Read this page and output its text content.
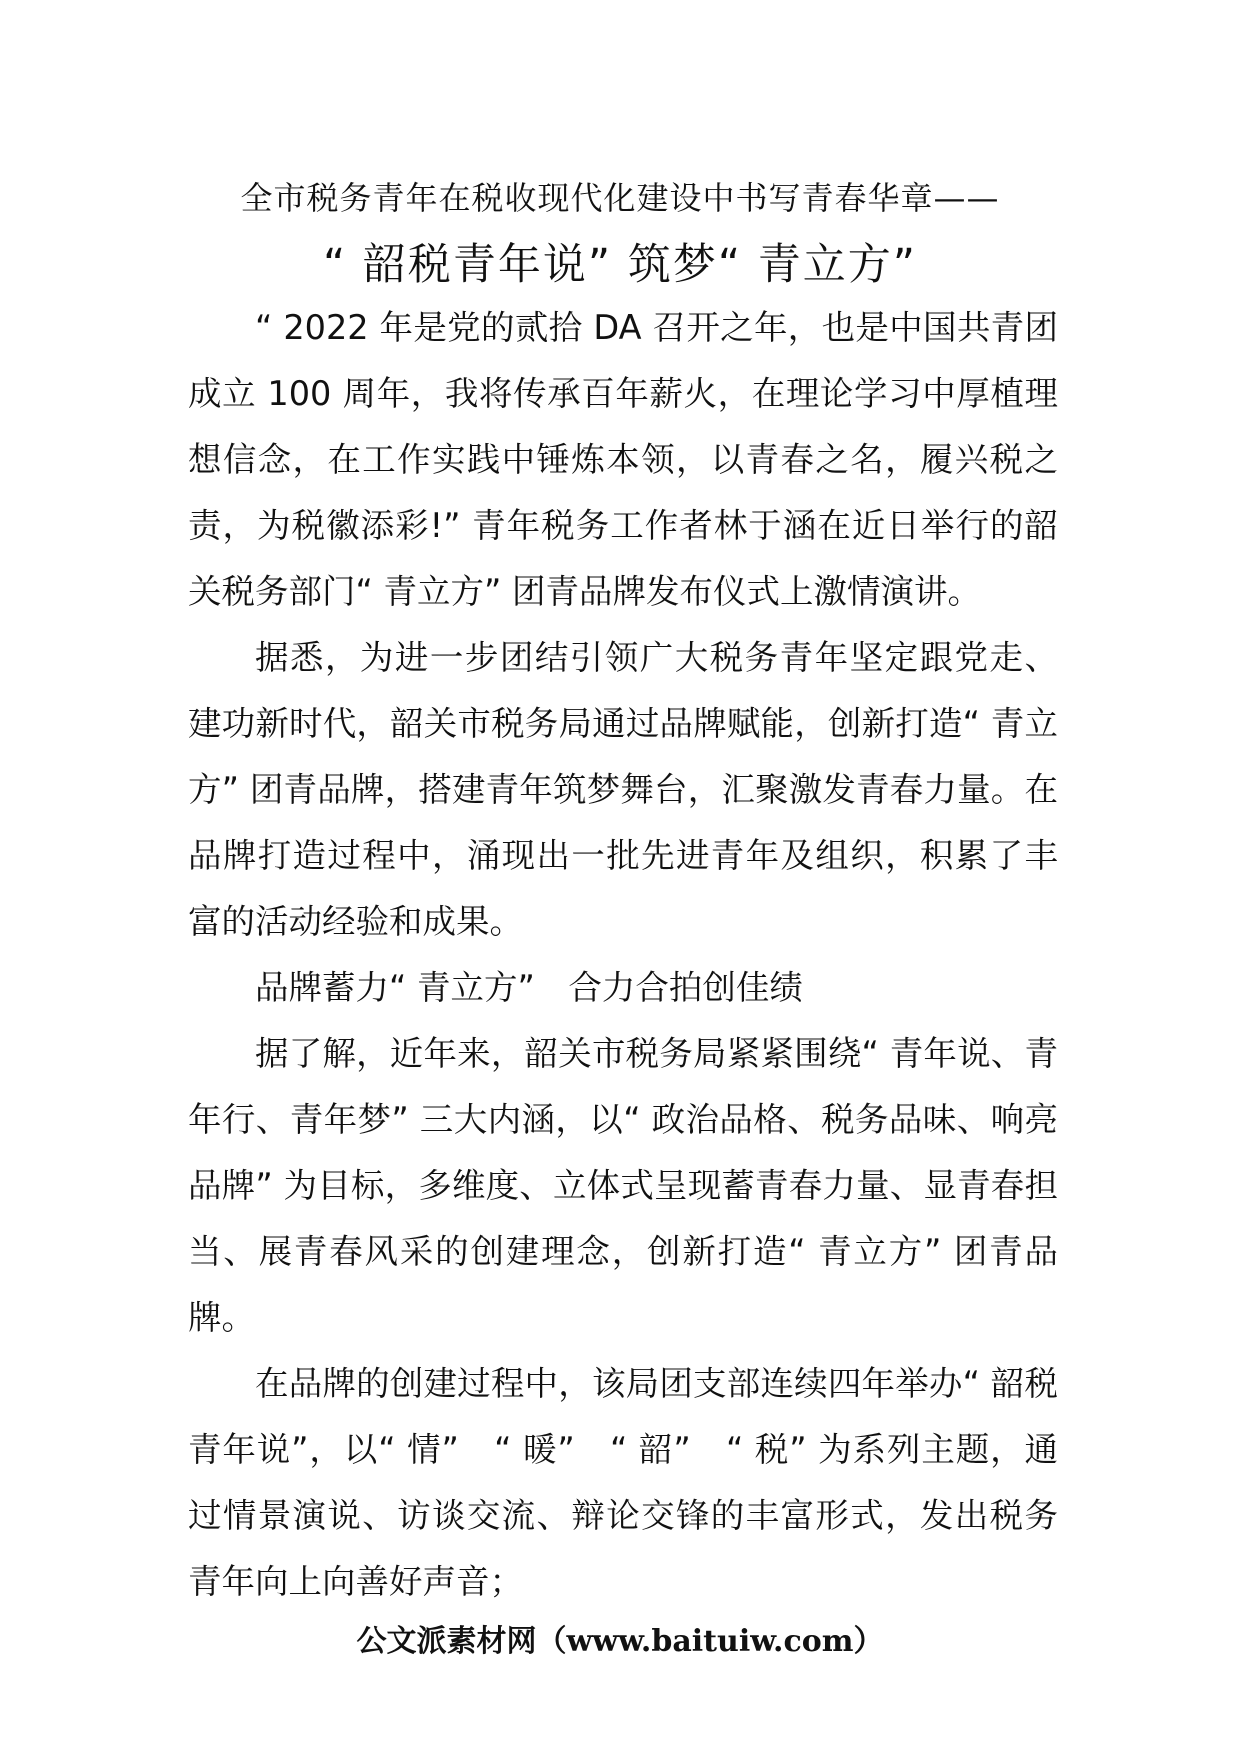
全市税务青年在税收现代化建设中书写青春华章——
“ 韶税青年说” 筑梦“ 青立方”

“ 2022 年是党的贰拾 DA 召开之年，也是中国共青团成立 100 周年，我将传承百年薪火，在理论学习中厚植理想信念，在工作实践中锤炼本领，以青春之名，履兴税之责，为税徽添彩!” 青年税务工作者林于涵在近日举行的韶关税务部门“ 青立方” 团青品牌发布仪式上激情演讲。

据悉，为进一步团结引领广大税务青年坚定跟党走、建功新时代，韶关市税务局通过品牌赋能，创新打造“ 青立方” 团青品牌，搭建青年筑梦舞台，汇聚激发青春力量。在品牌打造过程中，涌现出一批先进青年及组织，积累了丰富的活动经验和成果。

品牌蓄力“ 青立方”　合力合拍创佳绩

据了解，近年来，韶关市税务局紧紧围绕“ 青年说、青年行、青年梦” 三大内涵，以“ 政治品格、税务品味、响亮品牌” 为目标，多维度、立体式呈现蓄青春力量、显青春担当、展青春风采的创建理念，创新打造“ 青立方” 团青品牌。

在品牌的创建过程中，该局团支部连续四年举办“ 韶税青年说”，以“ 情”　“ 暖”　“ 韶”　“ 税” 为系列主题，通过情景演说、访谈交流、辩论交锋的丰富形式，发出税务青年向上向善好声音；

公文派素材网（www.baituiw.com）
